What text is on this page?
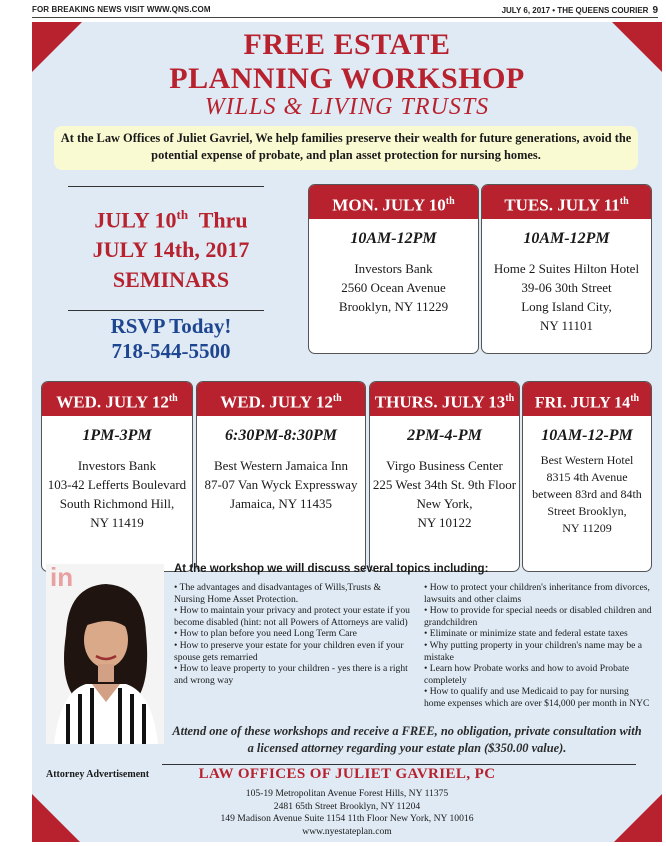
FOR BREAKING NEWS VISIT WWW.QNS.COM	JULY 6, 2017 • THE QUEENS COURIER 9
FREE ESTATE
PLANNING WORKSHOP
WILLS & LIVING TRUSTS
At the Law Offices of Juliet Gavriel, We help families preserve their wealth for future generations, avoid the potential expense of probate, and plan asset protection for nursing homes.
JULY 10th Thru
JULY 14th, 2017
SEMINARS
RSVP Today!
718-544-5500
MON. JULY 10th
10AM-12PM
Investors Bank
2560 Ocean Avenue
Brooklyn, NY 11229
TUES. JULY 11th
10AM-12PM
Home 2 Suites Hilton Hotel
39-06 30th Street
Long Island City,
NY 11101
WED. JULY 12th
1PM-3PM
Investors Bank
103-42 Lefferts Boulevard
South Richmond Hill,
NY 11419
WED. JULY 12th
6:30PM-8:30PM
Best Western Jamaica Inn
87-07 Van Wyck Expressway
Jamaica, NY 11435
THURS. JULY 13th
2PM-4-PM
Virgo Business Center
225 West 34th St. 9th Floor
New York,
NY 10122
FRI. JULY 14th
10AM-12-PM
Best Western Hotel
8315 4th Avenue
between 83rd and 84th
Street Brooklyn,
NY 11209
in	At the workshop we will discuss several topics including:
• The advantages and disadvantages of Wills,Trusts & Nursing Home Asset Protection.
• How to maintain your privacy and protect your estate if you become disabled (hint: not all Powers of Attorneys are valid)
• How to plan before you need Long Term Care
• How to preserve your estate for your children even if your spouse gets remarried
• How to leave property to your children - yes there is a right and wrong way
• How to protect your children's inheritance from divorces, lawsuits and other claims
• How to provide for special needs or disabled children and grandchildren
• Eliminate or minimize state and federal estate taxes
• Why putting property in your children's name may be a mistake
• Learn how Probate works and how to avoid Probate completely
• How to qualify and use Medicaid to pay for nursing home expenses which are over $14,000 per month in NYC
Attend one of these workshops and receive a FREE, no obligation, private consultation with a licensed attorney regarding your estate plan ($350.00 value).
Attorney Advertisement	LAW OFFICES OF JULIET GAVRIEL, PC
105-19 Metropolitan Avenue Forest Hills, NY 11375
2481 65th Street Brooklyn, NY 11204
149 Madison Avenue Suite 1154 11th Floor New York, NY 10016
www.nyestateplan.com
